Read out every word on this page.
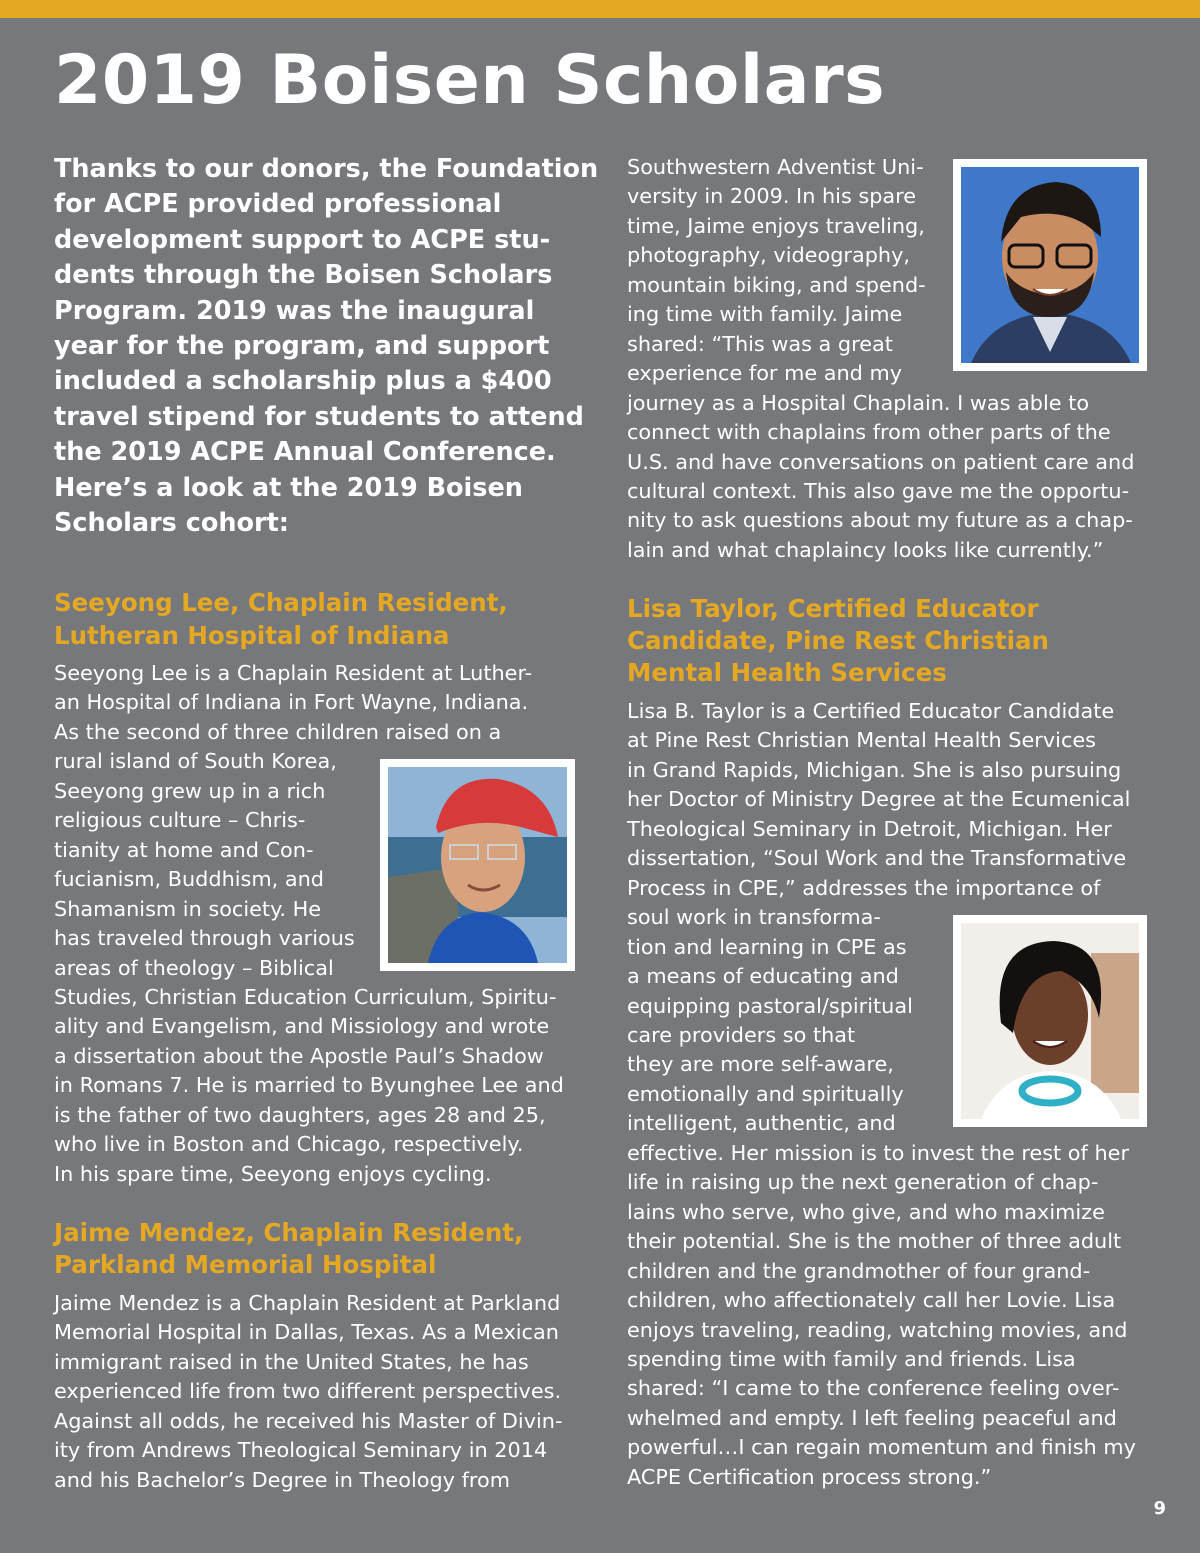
2019 Boisen Scholars
Thanks to our donors, the Foundation
for ACPE provided professional
development support to ACPE stu-
dents through the Boisen Scholars
Program. 2019 was the inaugural
year for the program, and support
included a scholarship plus a $400
travel stipend for students to attend
the 2019 ACPE Annual Conference.
Here’s a look at the 2019 Boisen
Scholars cohort:
Seeyong Lee, Chaplain Resident,
Lutheran Hospital of Indiana
Seeyong Lee is a Chaplain Resident at Luther-
an Hospital of Indiana in Fort Wayne, Indiana.
As the second of three children raised on a
rural island of South Korea,
Seeyong grew up in a rich
religious culture – Chris-
tianity at home and Con-
fucianism, Buddhism, and
Shamanism in society. He
has traveled through various
areas of theology – Biblical
Studies, Christian Education Curriculum, Spiritu-
ality and Evangelism, and Missiology and wrote
a dissertation about the Apostle Paul’s Shadow
in Romans 7. He is married to Byunghee Lee and
is the father of two daughters, ages 28 and 25,
who live in Boston and Chicago, respectively.
In his spare time, Seeyong enjoys cycling.
Jaime Mendez, Chaplain Resident,
Parkland Memorial Hospital
Jaime Mendez is a Chaplain Resident at Parkland
Memorial Hospital in Dallas, Texas. As a Mexican
immigrant raised in the United States, he has
experienced life from two different perspectives.
Against all odds, he received his Master of Divin-
ity from Andrews Theological Seminary in 2014
and his Bachelor’s Degree in Theology from
Southwestern Adventist Uni-
versity in 2009. In his spare
time, Jaime enjoys traveling,
photography, videography,
mountain biking, and spend-
ing time with family. Jaime
shared: “This was a great
experience for me and my
journey as a Hospital Chaplain. I was able to
connect with chaplains from other parts of the
U.S. and have conversations on patient care and
cultural context. This also gave me the opportu-
nity to ask questions about my future as a chap-
lain and what chaplaincy looks like currently.”
Lisa Taylor, Certified Educator
Candidate, Pine Rest Christian
Mental Health Services
Lisa B. Taylor is a Certified Educator Candidate
at Pine Rest Christian Mental Health Services
in Grand Rapids, Michigan. She is also pursuing
her Doctor of Ministry Degree at the Ecumenical
Theological Seminary in Detroit, Michigan. Her
dissertation, “Soul Work and the Transformative
Process in CPE,” addresses the importance of
soul work in transforma-
tion and learning in CPE as
a means of educating and
equipping pastoral/spiritual
care providers so that
they are more self-aware,
emotionally and spiritually
intelligent, authentic, and
effective. Her mission is to invest the rest of her
life in raising up the next generation of chap-
lains who serve, who give, and who maximize
their potential. She is the mother of three adult
children and the grandmother of four grand-
children, who affectionately call her Lovie. Lisa
enjoys traveling, reading, watching movies, and
spending time with family and friends. Lisa
shared: “I came to the conference feeling over-
whelmed and empty. I left feeling peaceful and
powerful…I can regain momentum and finish my
ACPE Certification process strong.”
9
